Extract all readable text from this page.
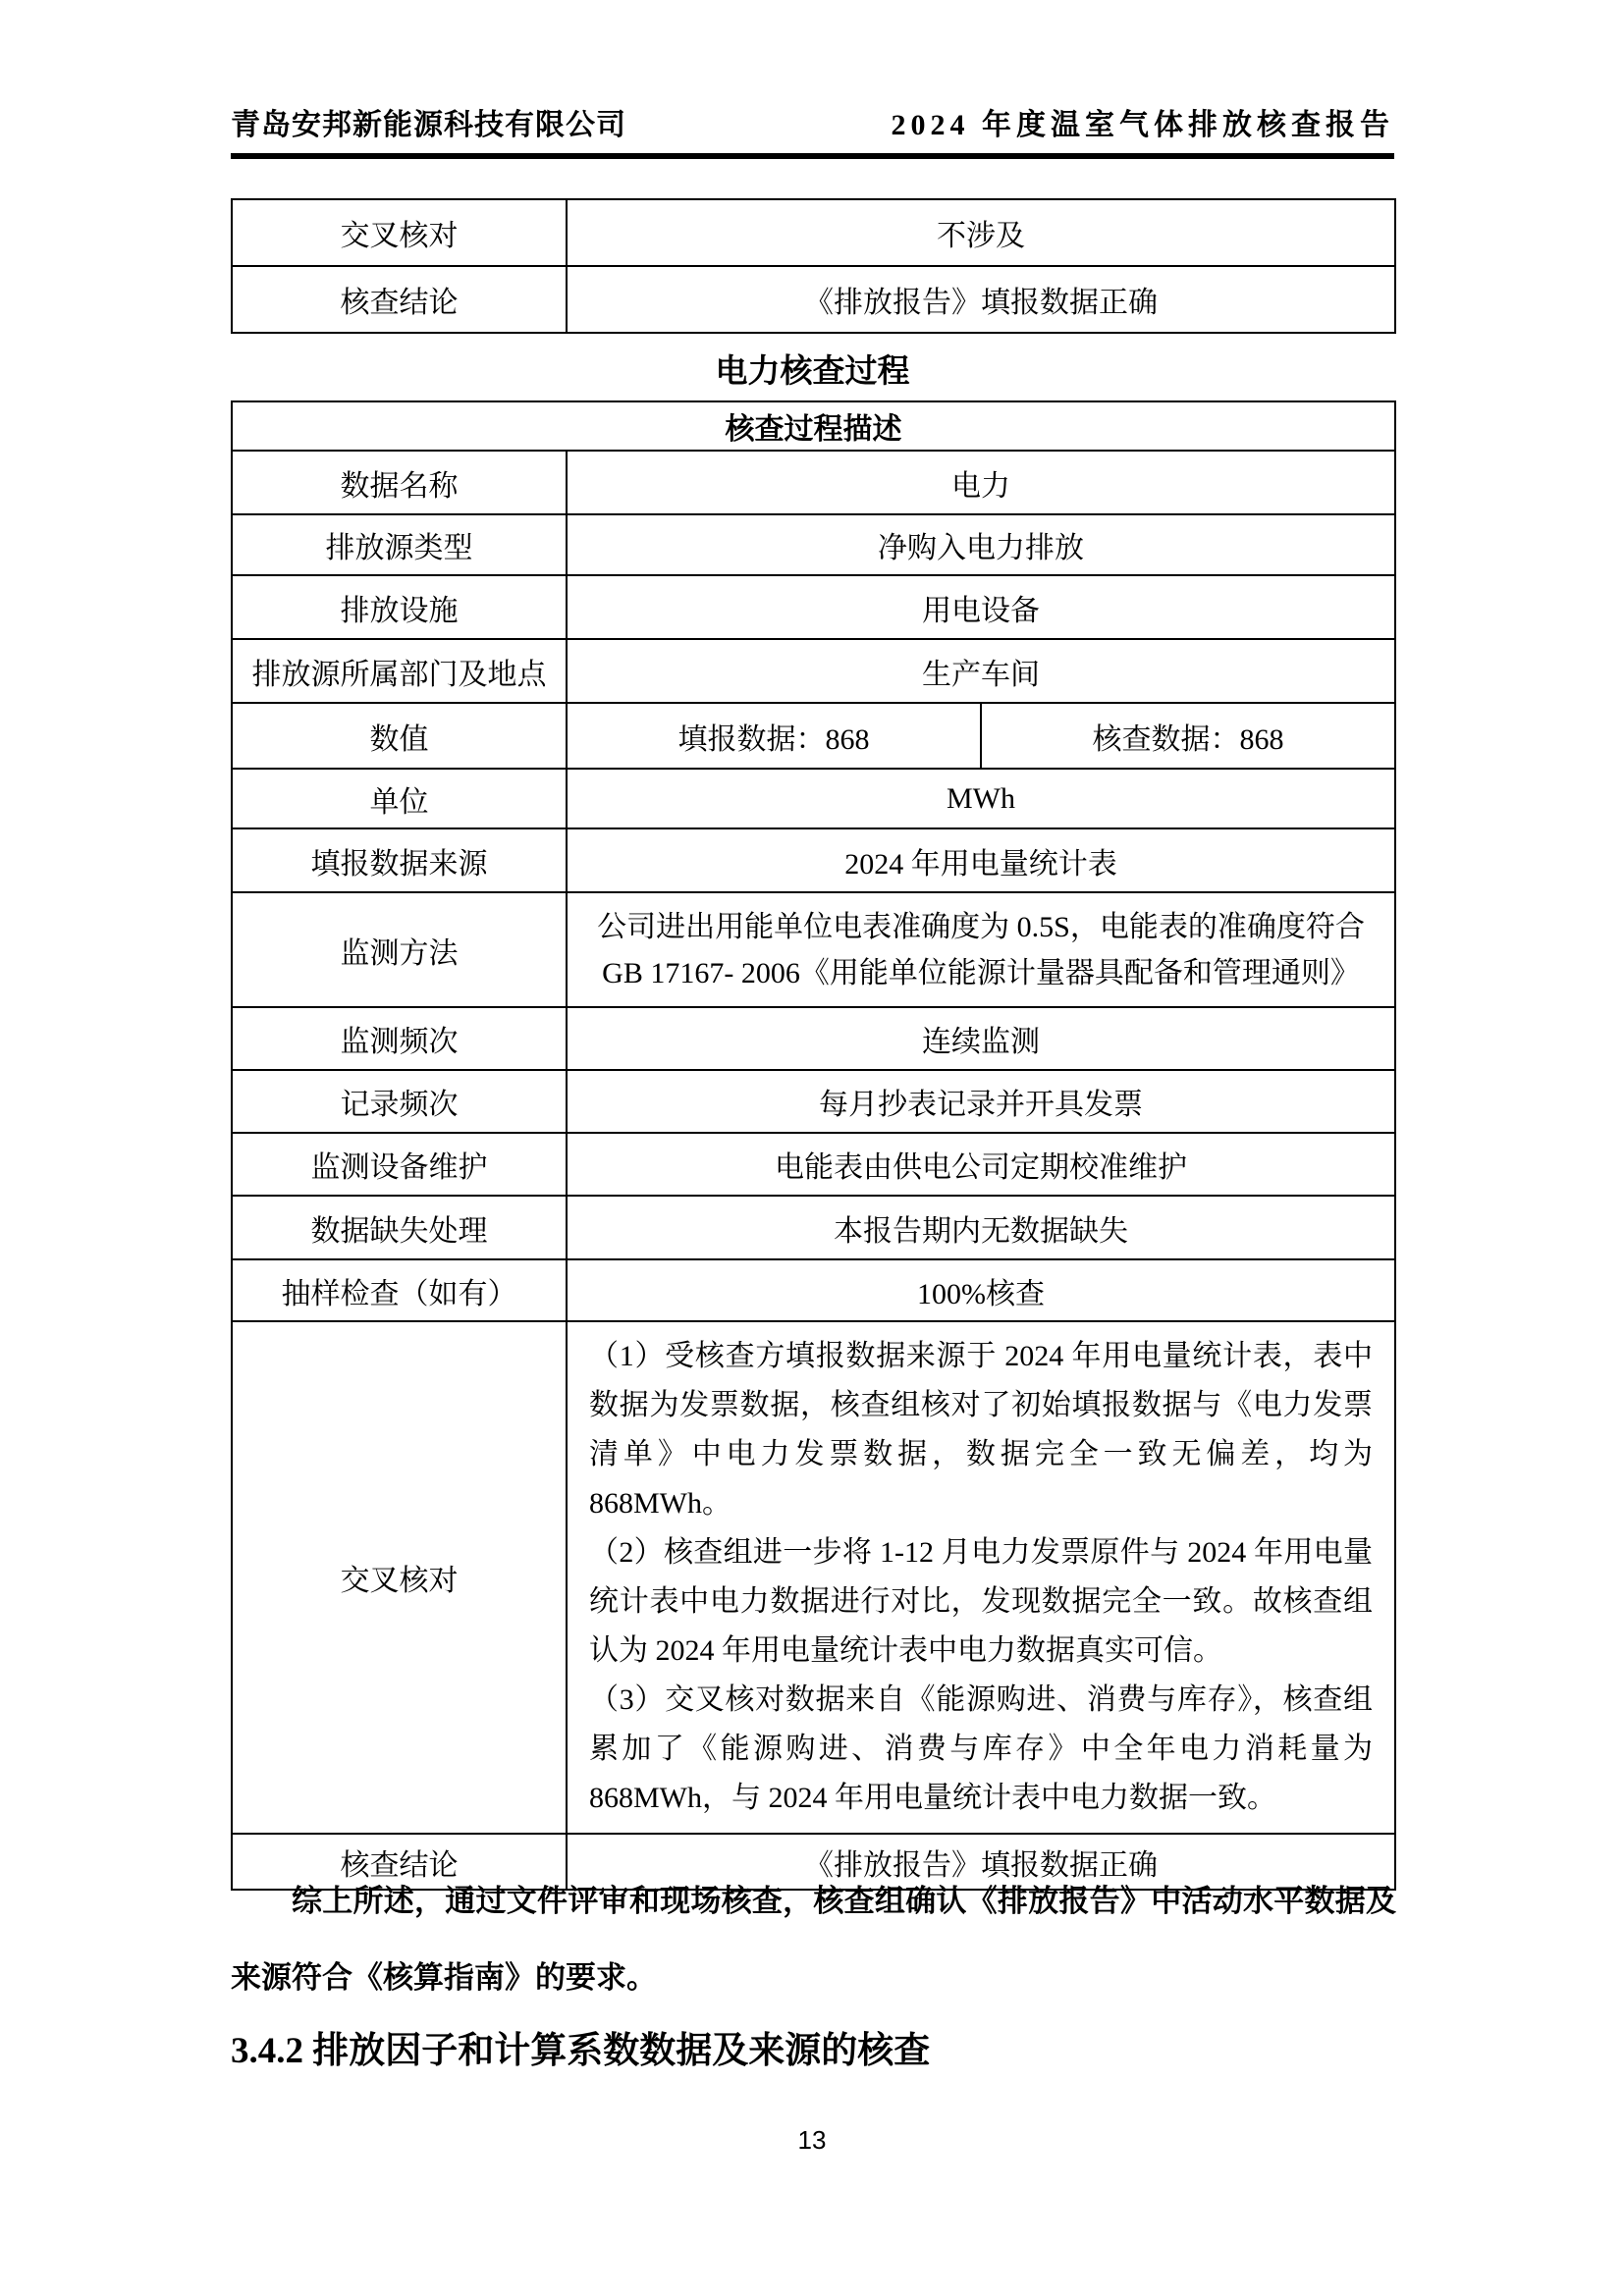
青岛安邦新能源科技有限公司	2024 年度温室气体排放核查报告
交叉核对	不涉及
核查结论	《排放报告》填报数据正确
电力核查过程
核查过程描述		
数据名称	电力	
排放源类型	净购入电力排放	
排放设施	用电设备	
排放源所属部门及地点	生产车间	
数值	填报数据：868	核查数据：868
单位	MWh	
填报数据来源	2024 年用电量统计表	
监测方法	公司进出用能单位电表准确度为 0.5S，电能表的准确度符合 GB 17167- 2006《用能单位能源计量器具配备和管理通则》	
监测频次	连续监测	
记录频次	每月抄表记录并开具发票	
监测设备维护	电能表由供电公司定期校准维护	
数据缺失处理	本报告期内无数据缺失	
抽样检查（如有）	100%核查	
交叉核对	（1）受核查方填报数据来源于 2024 年用电量统计表，表中数据为发票数据，核查组核对了初始填报数据与《电力发票清单》中电力发票数据，数据完全一致无偏差，均为 868MWh。

（2）核查组进一步将 1-12 月电力发票原件与 2024 年用电量统计表中电力数据进行对比，发现数据完全一致。故核查组认为 2024 年用电量统计表中电力数据真实可信。

（3）交叉核对数据来自《能源购进、消费与库存》，核查组累加了《能源购进、消费与库存》中全年电力消耗量为 868MWh，与 2024 年用电量统计表中电力数据一致。	

核查结论	《排放报告》填报数据正确	
综上所述，通过文件评审和现场核查，核查组确认《排放报告》中活动水平数据及来源符合《核算指南》的要求。
3.4.2 排放因子和计算系数数据及来源的核查
13
